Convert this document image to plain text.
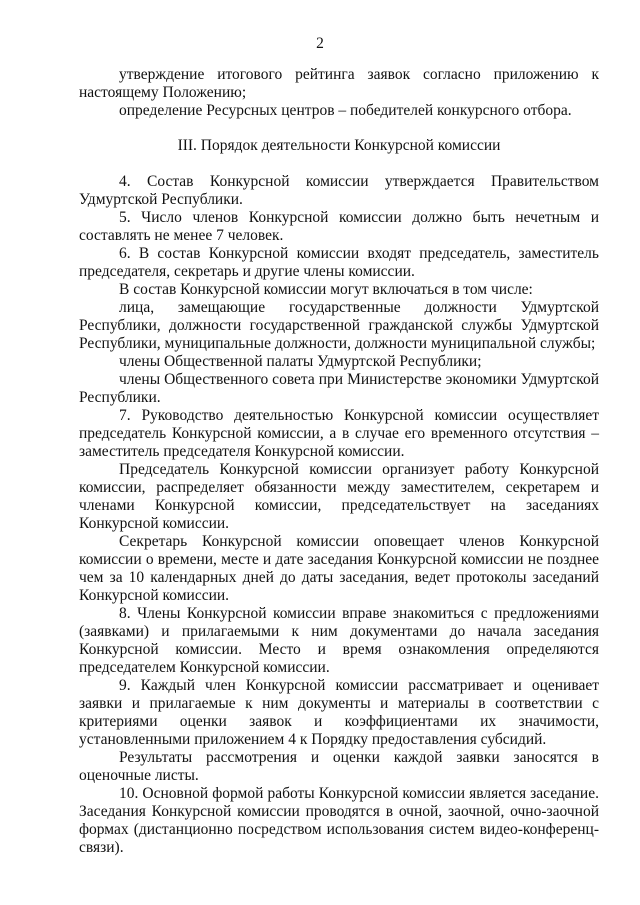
2

утверждение итогового рейтинга заявок согласно приложению к настоящему Положению;

определение Ресурсных центров – победителей конкурсного отбора.

III. Порядок деятельности Конкурсной комиссии

4. Состав Конкурсной комиссии утверждается Правительством Удмуртской Республики.

5. Число членов Конкурсной комиссии должно быть нечетным и составлять не менее 7 человек.

6. В состав Конкурсной комиссии входят председатель, заместитель председателя, секретарь и другие члены комиссии.

В состав Конкурсной комиссии могут включаться в том числе:

лица, замещающие государственные должности Удмуртской Республики, должности государственной гражданской службы Удмуртской Республики, муниципальные должности, должности муниципальной службы;

члены Общественной палаты Удмуртской Республики;

члены Общественного совета при Министерстве экономики Удмуртской Республики.

7. Руководство деятельностью Конкурсной комиссии осуществляет председатель Конкурсной комиссии, а в случае его временного отсутствия – заместитель председателя Конкурсной комиссии.

Председатель Конкурсной комиссии организует работу Конкурсной комиссии, распределяет обязанности между заместителем, секретарем и членами Конкурсной комиссии, председательствует на заседаниях Конкурсной комиссии.

Секретарь Конкурсной комиссии оповещает членов Конкурсной комиссии о времени, месте и дате заседания Конкурсной комиссии не позднее чем за 10 календарных дней до даты заседания, ведет протоколы заседаний Конкурсной комиссии.

8. Члены Конкурсной комиссии вправе знакомиться с предложениями (заявками) и прилагаемыми к ним документами до начала заседания Конкурсной комиссии. Место и время ознакомления определяются председателем Конкурсной комиссии.

9. Каждый член Конкурсной комиссии рассматривает и оценивает заявки и прилагаемые к ним документы и материалы в соответствии с критериями оценки заявок и коэффициентами их значимости, установленными приложением 4 к Порядку предоставления субсидий.

Результаты рассмотрения и оценки каждой заявки заносятся в оценочные листы.

10. Основной формой работы Конкурсной комиссии является заседание. Заседания Конкурсной комиссии проводятся в очной, заочной, очно-заочной формах (дистанционно посредством использования систем видео-конференц-связи).
